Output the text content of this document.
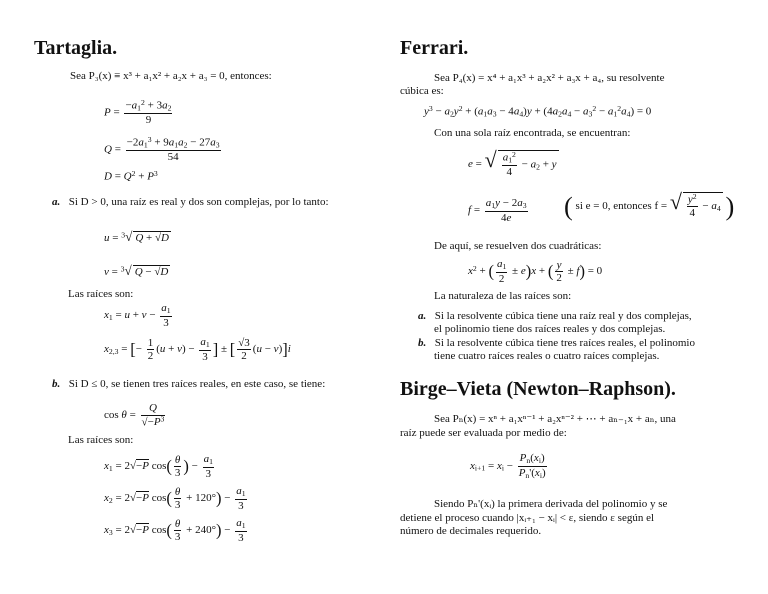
Tartaglia.
Sea P₃(x) ≡ x³ + a₁x² + a₂x + a₃ = 0, entonces:
$P = \frac{-a_1^2 + 3a_2}{9}$
$Q = \frac{-2a_1^3 + 9a_1a_2 - 27a_3}{54}$
$D = Q^2 + P^3$
a. Si D > 0, una raíz es real y dos son complejas, por lo tanto:
u = $^3$√ Q + √D
v = $^3$√ Q − √D
Las raíces son:
$x_1 = u + v - \frac{a_1}{3}$
$x_{2,3}$ = [− $\frac{1}{2} (u + v) - \frac{a_1}{3}$ ] ± [ $\frac{√3}{2} (u - v)]i$
b. Si D ≤ 0, se tienen tres raíces reales, en este caso, se tiene:
$\cos \theta = \frac{Q}{√-P^3}$
Las raíces son:
$x_1 = 2√-P$ $\cos( \frac{\theta}{3}$ ) − $\frac{a_1}{3}$
$x_2 = 2√-P$ $\cos( \frac{\theta}{3} + 120^\circ) - \frac{a_1}{3}$
$x_3 = 2√-P$ $\cos( \frac{\theta}{3} + 240^\circ) - \frac{a_1}{3}$
Ferrari.
Sea P₄(x) = x⁴ + a₁x³ + a₂x² + a₃x + a₄, su resolvente
cúbica es:
$y^3 - a_2y^2 + (a_1a_3 - 4a_4)y + (4a_2a_4 - a_3^2 - a_1^2a_4) = 0$
Con una sola raíz encontrada, se encuentran:
e = √ $\frac{a_1^2}{4} - a_2 + y$
$f = \frac{a_1y - 2a_3}{4e}$ ( si e = 0, entonces f = √ $\frac{y^2}{4} - a_4$ )
De aquí, se resuelven dos cuadráticas:
$x^2$ + ( $\frac{a_1}{2} \pm e)x$ + ( $\frac{y}{2} \pm f) = 0$
La naturaleza de las raíces son:
a. Si la resolvente cúbica tiene una raíz real y dos complejas,
el polinomio tiene dos raíces reales y dos complejas.
b. Si la resolvente cúbica tiene tres raíces reales, el polinomio
tiene cuatro raíces reales o cuatro raíces complejas.
Birge–Vieta (Newton–Raphson).
Sea Pₙ(x) = xⁿ + a₁xⁿ⁻¹ + a₂xⁿ⁻² + ⋯ + aₙ₋₁x + aₙ, una
raíz puede ser evaluada por medio de:
$x_{i+1} = x_i - \frac{P_n(x_i)}{P_n'(x_i)}$
Siendo Pₙ'(xᵢ) la primera derivada del polinomio y se
detiene el proceso cuando |xᵢ₊₁ − xᵢ| < ε, siendo ε según el
número de decimales requerido.
